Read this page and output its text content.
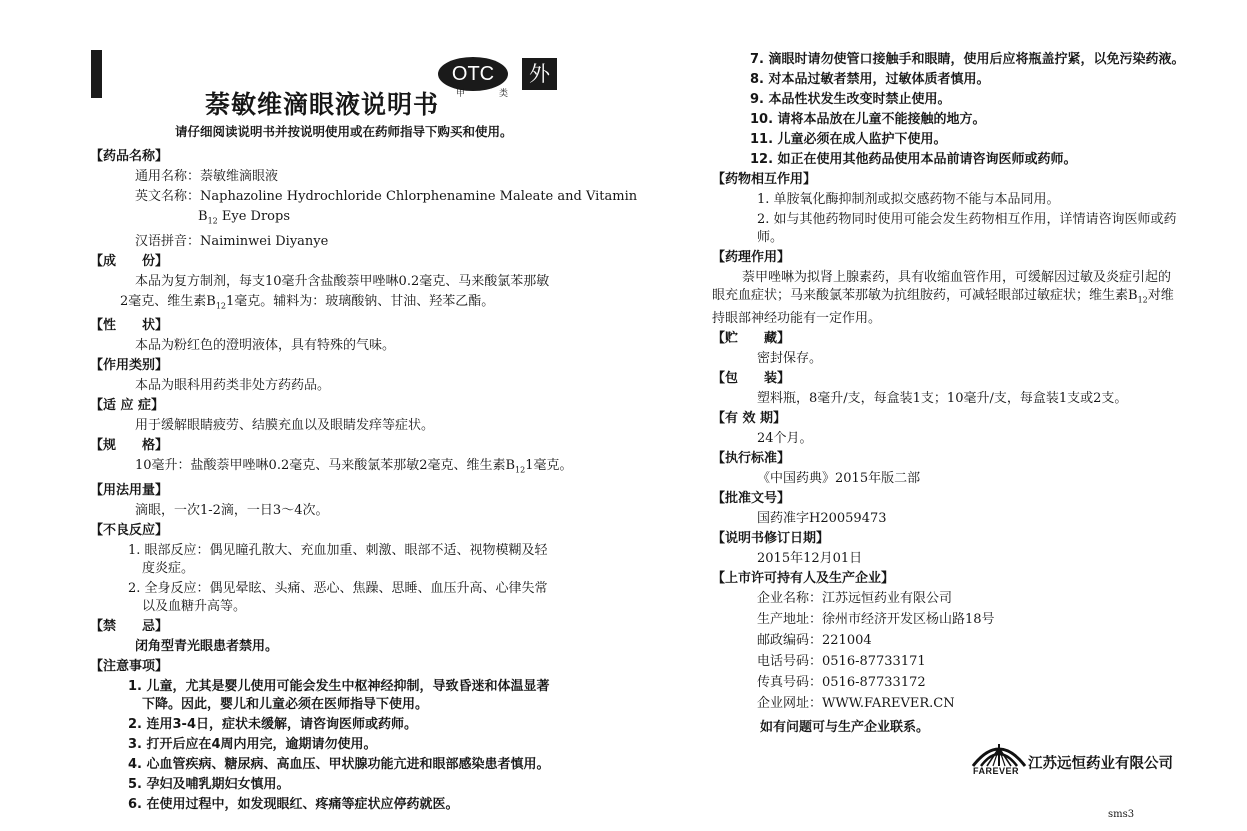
萘敏维滴眼液说明书
OTC
甲	类
外
请仔细阅读说明书并按说明使用或在药师指导下购买和使用。
【药品名称】
通用名称：萘敏维滴眼液
英文名称：Naphazoline Hydrochloride Chlorphenamine Maleate and Vitamin
$B_{12}$ Eye Drops
汉语拼音：Naiminwei Diyanye
【成　　份】
本品为复方制剂，每支10毫升含盐酸萘甲唑啉0.2毫克、马来酸氯苯那敏
2毫克、维生素$B_{12}1$毫克。辅料为：玻璃酸钠、甘油、羟苯乙酯。
【性　　状】
本品为粉红色的澄明液体，具有特殊的气味。
【作用类别】
本品为眼科用药类非处方药药品。
【适 应 症】
用于缓解眼睛疲劳、结膜充血以及眼睛发痒等症状。
【规　　格】
10毫升：盐酸萘甲唑啉0.2毫克、马来酸氯苯那敏2毫克、维生素$B_{12}1$毫克。
【用法用量】
滴眼，一次1-2滴，一日3～4次。
【不良反应】
1. 眼部反应：偶见瞳孔散大、充血加重、刺激、眼部不适、视物模糊及轻度炎症。
2. 全身反应：偶见晕眩、头痛、恶心、焦躁、思睡、血压升高、心律失常以及血糖升高等。
【禁　　忌】
闭角型青光眼患者禁用。
【注意事项】
1. 儿童，尤其是婴儿使用可能会发生中枢神经抑制，导致昏迷和体温显著下降。因此，婴儿和儿童必须在医师指导下使用。
2. 连用3-4日，症状未缓解，请咨询医师或药师。
3. 打开后应在4周内用完，逾期请勿使用。
4. 心血管疾病、糖尿病、高血压、甲状腺功能亢进和眼部感染患者慎用。
5. 孕妇及哺乳期妇女慎用。
6. 在使用过程中，如发现眼红、疼痛等症状应停药就医。
7. 滴眼时请勿使管口接触手和眼睛，使用后应将瓶盖拧紧，以免污染药液。
8. 对本品过敏者禁用，过敏体质者慎用。
9. 本品性状发生改变时禁止使用。
10. 请将本品放在儿童不能接触的地方。
11. 儿童必须在成人监护下使用。
12. 如正在使用其他药品使用本品前请咨询医师或药师。
【药物相互作用】
1. 单胺氧化酶抑制剂或拟交感药物不能与本品同用。
2. 如与其他药物同时使用可能会发生药物相互作用，详情请咨询医师或药师。
【药理作用】
萘甲唑啉为拟肾上腺素药，具有收缩血管作用，可缓解因过敏及炎症引起的眼充血症状；马来酸氯苯那敏为抗组胺药，可减轻眼部过敏症状；维生素$B_{12}$对维持眼部神经功能有一定作用。
【贮　　藏】
密封保存。
【包　　装】
塑料瓶，8毫升/支，每盒装1支；10毫升/支，每盒装1支或2支。
【有 效 期】
24个月。
【执行标准】
《中国药典》2015年版二部
【批准文号】
国药准字H20059473
【说明书修订日期】
2015年12月01日
【上市许可持有人及生产企业】
企业名称：江苏远恒药业有限公司
生产地址：徐州市经济开发区杨山路18号
邮政编码：221004
电话号码：0516-87733171
传真号码：0516-87733172
企业网址：WWW.FAREVER.CN
如有问题可与生产企业联系。
FAREVER 江苏远恒药业有限公司
sms3
